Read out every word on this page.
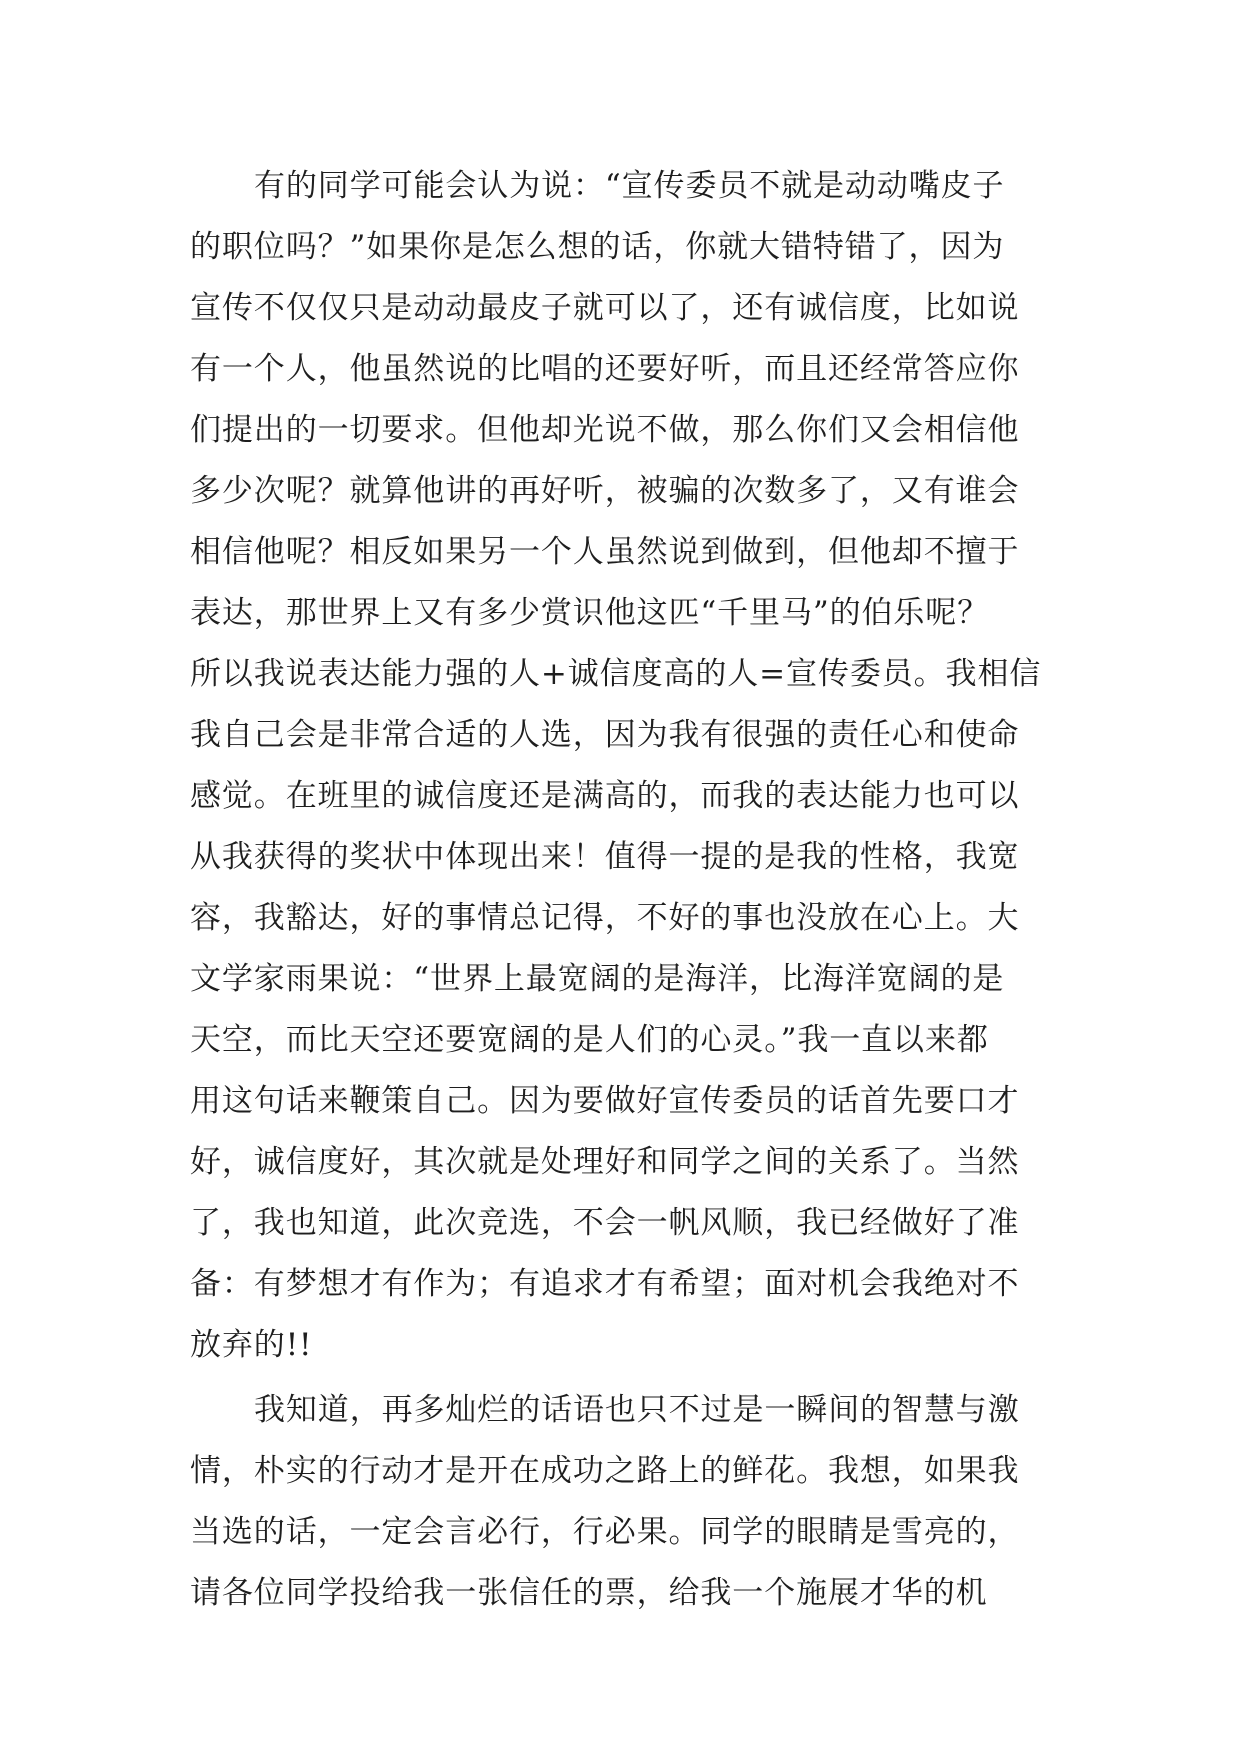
有的同学可能会认为说：“宣传委员不就是动动嘴皮子
的职位吗？”如果你是怎么想的话，你就大错特错了，因为
宣传不仅仅只是动动最皮子就可以了，还有诚信度，比如说
有一个人，他虽然说的比唱的还要好听，而且还经常答应你
们提出的一切要求。但他却光说不做，那么你们又会相信他
多少次呢？就算他讲的再好听，被骗的次数多了，又有谁会
相信他呢？相反如果另一个人虽然说到做到，但他却不擅于
表达，那世界上又有多少赏识他这匹“千里马”的伯乐呢？
所以我说表达能力强的人+诚信度高的人=宣传委员。我相信
我自己会是非常合适的人选，因为我有很强的责任心和使命
感觉。在班里的诚信度还是满高的，而我的表达能力也可以
从我获得的奖状中体现出来！值得一提的是我的性格，我宽
容，我豁达，好的事情总记得，不好的事也没放在心上。大
文学家雨果说：“世界上最宽阔的是海洋，比海洋宽阔的是
天空，而比天空还要宽阔的是人们的心灵。”我一直以来都
用这句话来鞭策自己。因为要做好宣传委员的话首先要口才
好，诚信度好，其次就是处理好和同学之间的关系了。当然
了，我也知道，此次竞选，不会一帆风顺，我已经做好了准
备：有梦想才有作为；有追求才有希望；面对机会我绝对不
放弃的!!
我知道，再多灿烂的话语也只不过是一瞬间的智慧与激
情，朴实的行动才是开在成功之路上的鲜花。我想，如果我
当选的话，一定会言必行，行必果。同学的眼睛是雪亮的，
请各位同学投给我一张信任的票，给我一个施展才华的机
